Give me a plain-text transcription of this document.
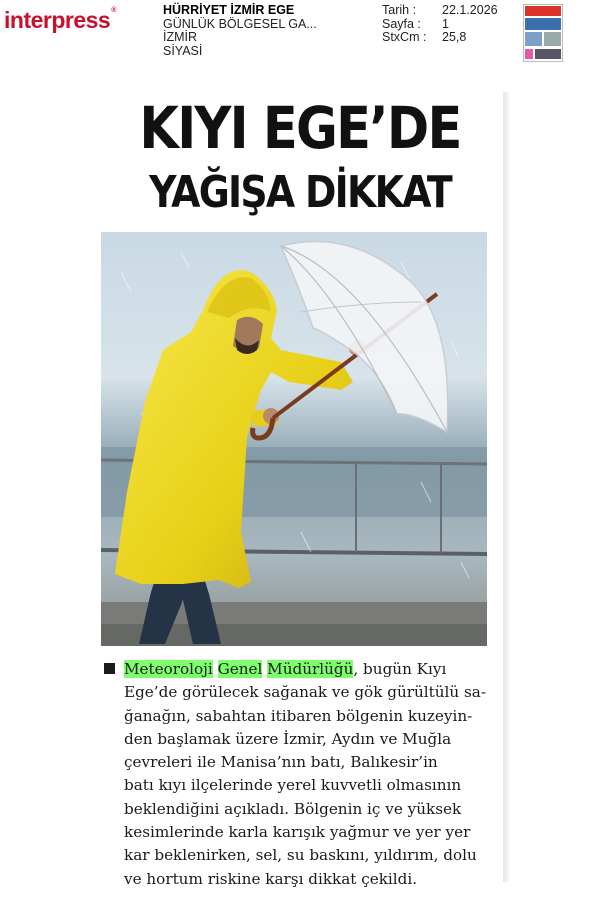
interpress®	HÜRRİYET İZMİR EGE
GÜNLÜK BÖLGESEL GA...
İZMİR
SİYASİ
Tarih :	22.1.2026
Sayfa :	1
StxCm :	25,8
KIYI EGE’DE
YAĞIŞA DİKKAT
Meteoroloji Genel Müdürlüğü, bugün Kıyı
Ege’de görülecek sağanak ve gök gürültülü sa-
ğanağın, sabahtan itibaren bölgenin kuzeyin-
den başlamak üzere İzmir, Aydın ve Muğla
çevreleri ile Manisa’nın batı, Balıkesir’in
batı kıyı ilçelerinde yerel kuvvetli olmasının
beklendiğini açıkladı. Bölgenin iç ve yüksek
kesimlerinde karla karışık yağmur ve yer yer
kar beklenirken, sel, su baskını, yıldırım, dolu
ve hortum riskine karşı dikkat çekildi.
